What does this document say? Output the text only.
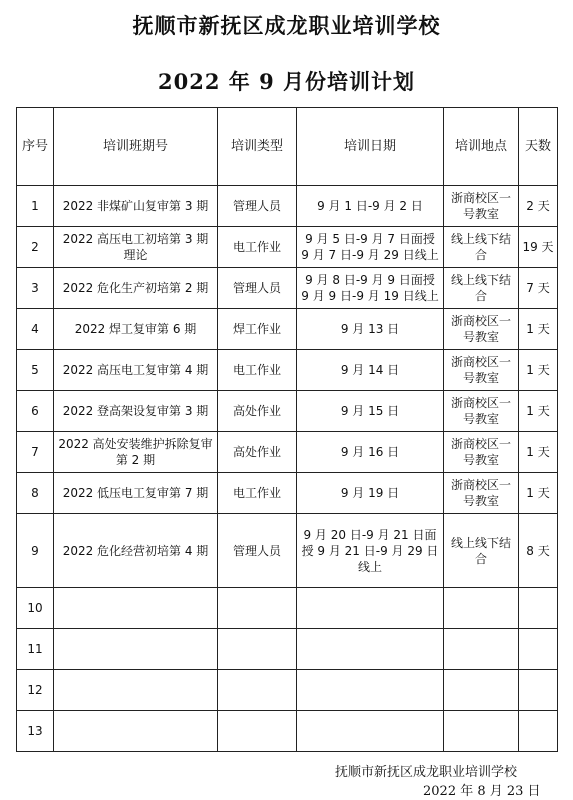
抚顺市新抚区成龙职业培训学校
2022 年 9 月份培训计划
序号	培训班期号	培训类型	培训日期	培训地点	天数
1	2022 非煤矿山复审第 3 期	管理人员	9 月 1 日-9 月 2 日	浙商校区一号教室	2 天
2	2022 高压电工初培第 3 期理论	电工作业	9 月 5 日-9 月 7 日面授 9 月 7 日-9 月 29 日线上	线上线下结合	19 天
3	2022 危化生产初培第 2 期	管理人员	9 月 8 日-9 月 9 日面授 9 月 9 日-9 月 19 日线上	线上线下结合	7 天
4	2022 焊工复审第 6 期	焊工作业	9 月 13 日	浙商校区一号教室	1 天
5	2022 高压电工复审第 4 期	电工作业	9 月 14 日	浙商校区一号教室	1 天
6	2022 登高架设复审第 3 期	高处作业	9 月 15 日	浙商校区一号教室	1 天
7	2022 高处安装维护拆除复审第 2 期	高处作业	9 月 16 日	浙商校区一号教室	1 天
8	2022 低压电工复审第 7 期	电工作业	9 月 19 日	浙商校区一号教室	1 天
9	2022 危化经营初培第 4 期	管理人员	9 月 20 日-9 月 21 日面授 9 月 21 日-9 月 29 日线上	线上线下结合	8 天
10					
11					
12					
13					
抚顺市新抚区成龙职业培训学校
2022 年 8 月 23 日
